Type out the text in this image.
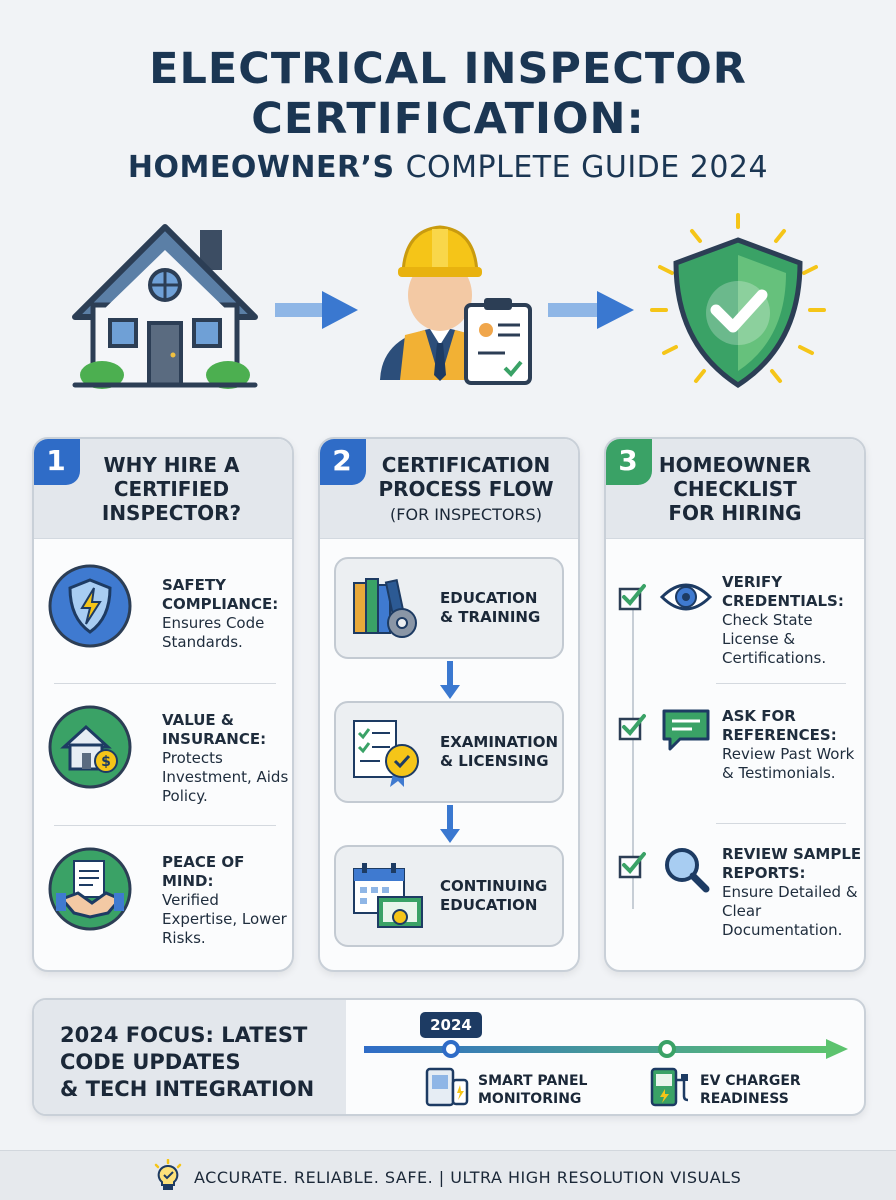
ELECTRICAL INSPECTOR
CERTIFICATION:
HOMEOWNER’S COMPLETE GUIDE 2024
1	WHY HIRE A
CERTIFIED
INSPECTOR?
SAFETY COMPLIANCE:
Ensures Code Standards.
$
VALUE & INSURANCE:
Protects Investment, Aids Policy.
PEACE OF MIND:
Verified Expertise, Lower Risks.
2	CERTIFICATION
PROCESS FLOW
(FOR INSPECTORS)
EDUCATION
& TRAINING
EXAMINATION
& LICENSING
CONTINUING
EDUCATION
3	HOMEOWNER
CHECKLIST
FOR HIRING
VERIFY
CREDENTIALS:
Check State License & Certifications.
ASK FOR
REFERENCES:
Review Past Work & Testimonials.
REVIEW SAMPLE
REPORTS:
Ensure Detailed & Clear Documentation.
2024 FOCUS: LATEST
CODE UPDATES
& TECH INTEGRATION
2024
SMART PANEL
MONITORING
EV CHARGER
READINESS
ACCURATE. RELIABLE. SAFE. | ULTRA HIGH RESOLUTION VISUALS
